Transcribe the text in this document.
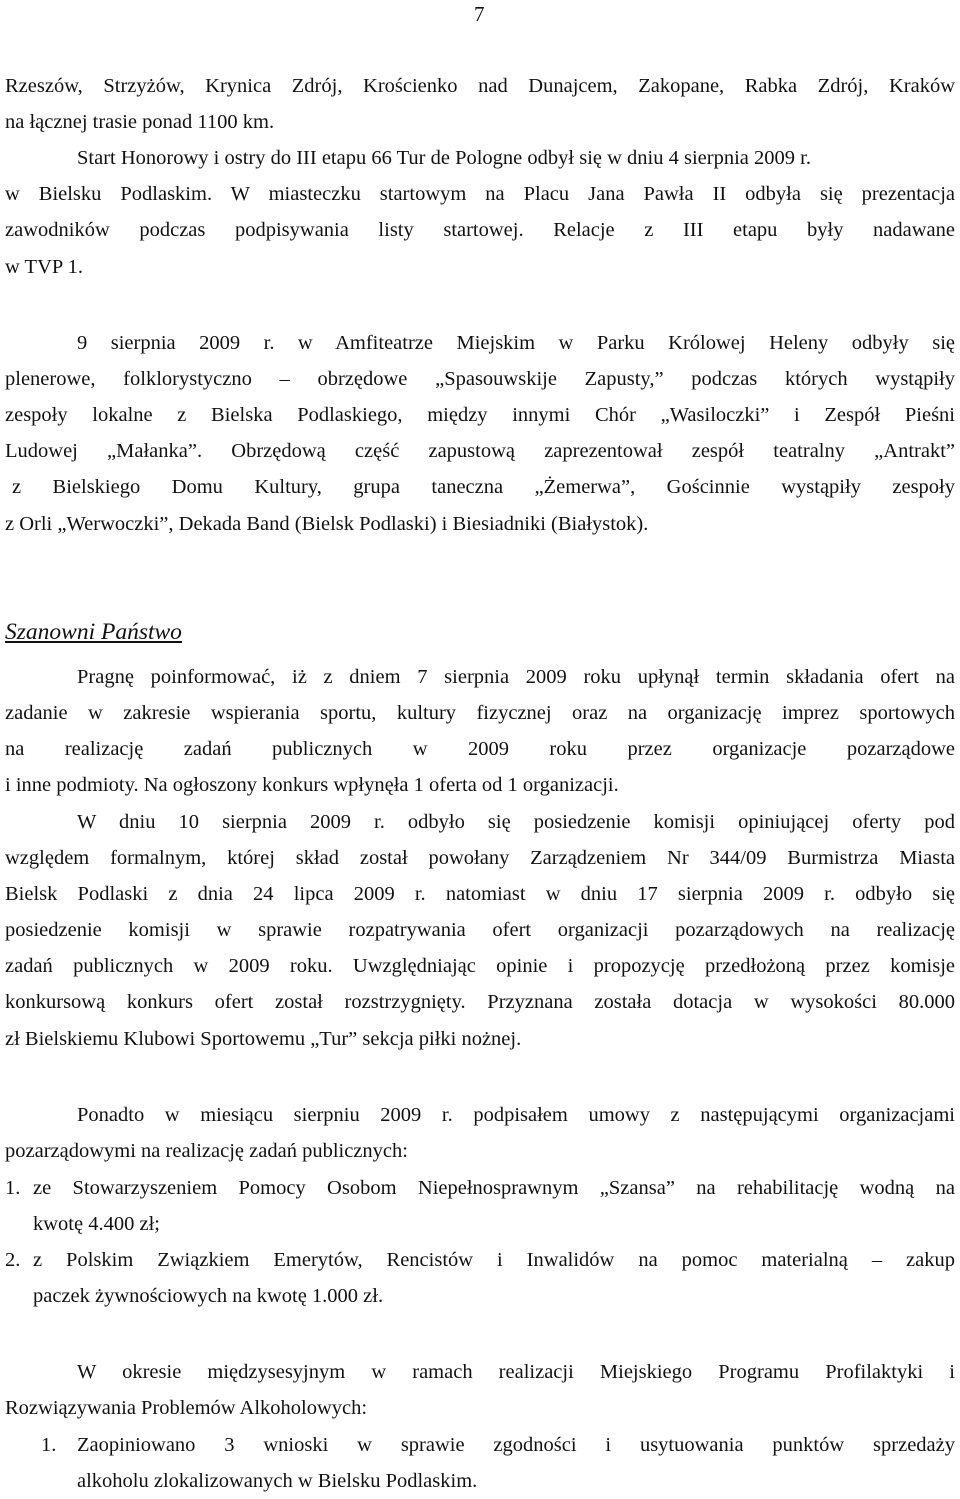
7
Rzeszów, Strzyżów, Krynica Zdrój, Krościenko nad Dunajcem, Zakopane, Rabka Zdrój, Kraków
na łącznej trasie ponad 1100 km.
Start Honorowy i ostry do III etapu 66 Tur de Pologne odbył się w dniu 4 sierpnia 2009 r.
w Bielsku Podlaskim. W miasteczku startowym na Placu Jana Pawła II odbyła się prezentacja
zawodników podczas podpisywania listy startowej. Relacje z III etapu były nadawane
w TVP 1.
9 sierpnia 2009 r. w Amfiteatrze Miejskim w Parku Królowej Heleny odbyły się
plenerowe, folklorystyczno – obrzędowe „Spasouwskije Zapusty,” podczas których wystąpiły
zespoły lokalne z Bielska Podlaskiego, między innymi Chór „Wasiloczki” i Zespół Pieśni
Ludowej „Małanka”. Obrzędową część zapustową zaprezentował zespół teatralny „Antrakt”
z Bielskiego Domu Kultury, grupa taneczna „Żemerwa”, Gościnnie wystąpiły zespoły
z Orli „Werwoczki”, Dekada Band (Bielsk Podlaski) i Biesiadniki (Białystok).
Szanowni Państwo
Pragnę poinformować, iż z dniem 7 sierpnia 2009 roku upłynął termin składania ofert na
zadanie w zakresie wspierania sportu, kultury fizycznej oraz na organizację imprez sportowych
na realizację zadań publicznych w 2009 roku przez organizacje pozarządowe
i inne podmioty. Na ogłoszony konkurs wpłynęła 1 oferta od 1 organizacji.
W dniu 10 sierpnia 2009 r. odbyło się posiedzenie komisji opiniującej oferty pod
względem formalnym, której skład został powołany Zarządzeniem Nr 344/09 Burmistrza Miasta
Bielsk Podlaski z dnia 24 lipca 2009 r. natomiast w dniu 17 sierpnia 2009 r. odbyło się
posiedzenie komisji w sprawie rozpatrywania ofert organizacji pozarządowych na realizację
zadań publicznych w 2009 roku. Uwzględniając opinie i propozycję przedłożoną przez komisje
konkursową konkurs ofert został rozstrzygnięty. Przyznana została dotacja w wysokości 80.000
zł Bielskiemu Klubowi Sportowemu „Tur” sekcja piłki nożnej.
Ponadto w miesiącu sierpniu 2009 r. podpisałem umowy z następującymi organizacjami
pozarządowymi na realizację zadań publicznych:
1. ze Stowarzyszeniem Pomocy Osobom Niepełnosprawnym „Szansa” na rehabilitację wodną na
kwotę 4.400 zł;
2. z Polskim Związkiem Emerytów, Rencistów i Inwalidów na pomoc materialną – zakup
paczek żywnościowych na kwotę 1.000 zł.
W okresie międzysesyjnym w ramach realizacji Miejskiego Programu Profilaktyki i
Rozwiązywania Problemów Alkoholowych:
1.	Zaopiniowano 3 wnioski w sprawie zgodności i usytuowania punktów sprzedaży
alkoholu zlokalizowanych w Bielsku Podlaskim.
